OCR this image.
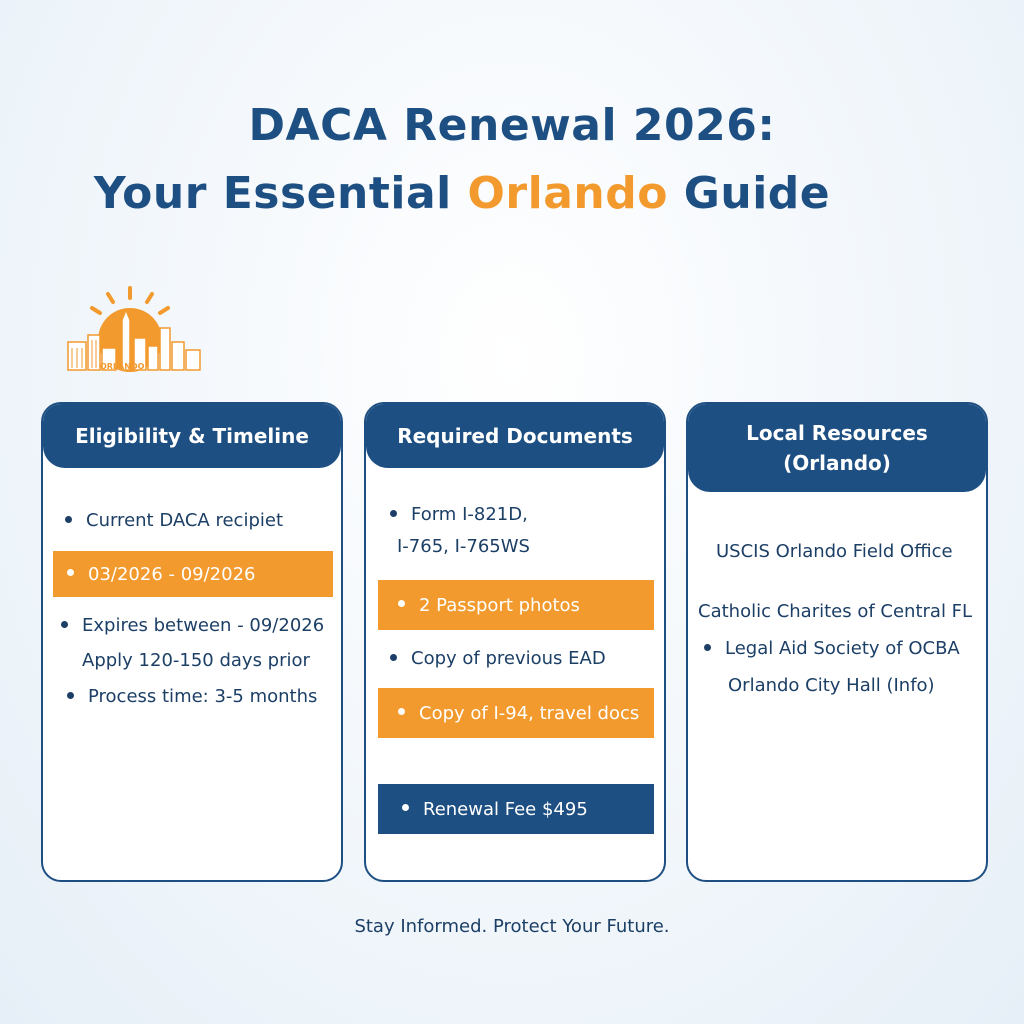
DACA Renewal 2026:
Your Essential Orlando Guide
ORLANDO
Eligibility & Timeline
Current DACA recipiet
03/2026 - 09/2026
Expires between - 09/2026
Apply 120-150 days prior
Process time: 3-5 months
Required Documents
Form I-821D,
I-765, I-765WS
2 Passport photos
Copy of previous EAD
Copy of I-94, travel docs
Renewal Fee $495
Local Resources
(Orlando)
USCIS Orlando Field Office
Catholic Charites of Central FL
Legal Aid Society of OCBA
Orlando City Hall (Info)
Stay Informed. Protect Your Future.
